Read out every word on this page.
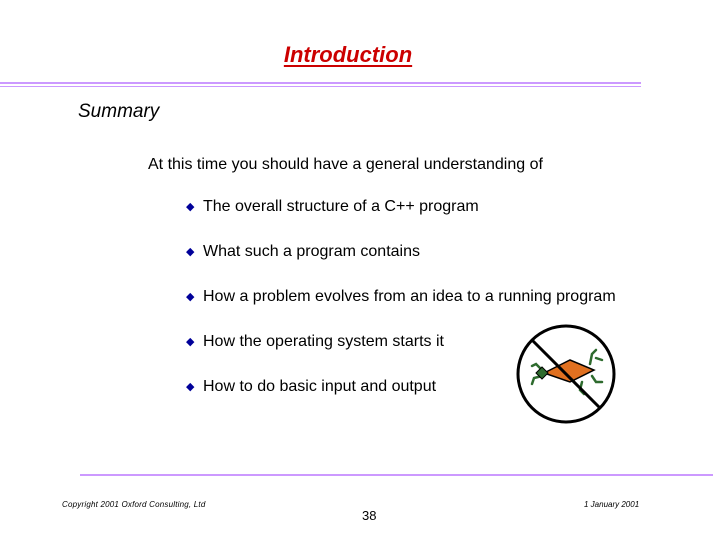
Introduction
Summary
At this time you should have a general understanding of
◆ The overall structure of a C++ program
◆ What such a program contains
◆ How a problem evolves from an idea to a running program
◆ How the operating system starts it
◆ How to do basic input and output
Copyright 2001 Oxford Consulting, Ltd	1 January 2001
38
